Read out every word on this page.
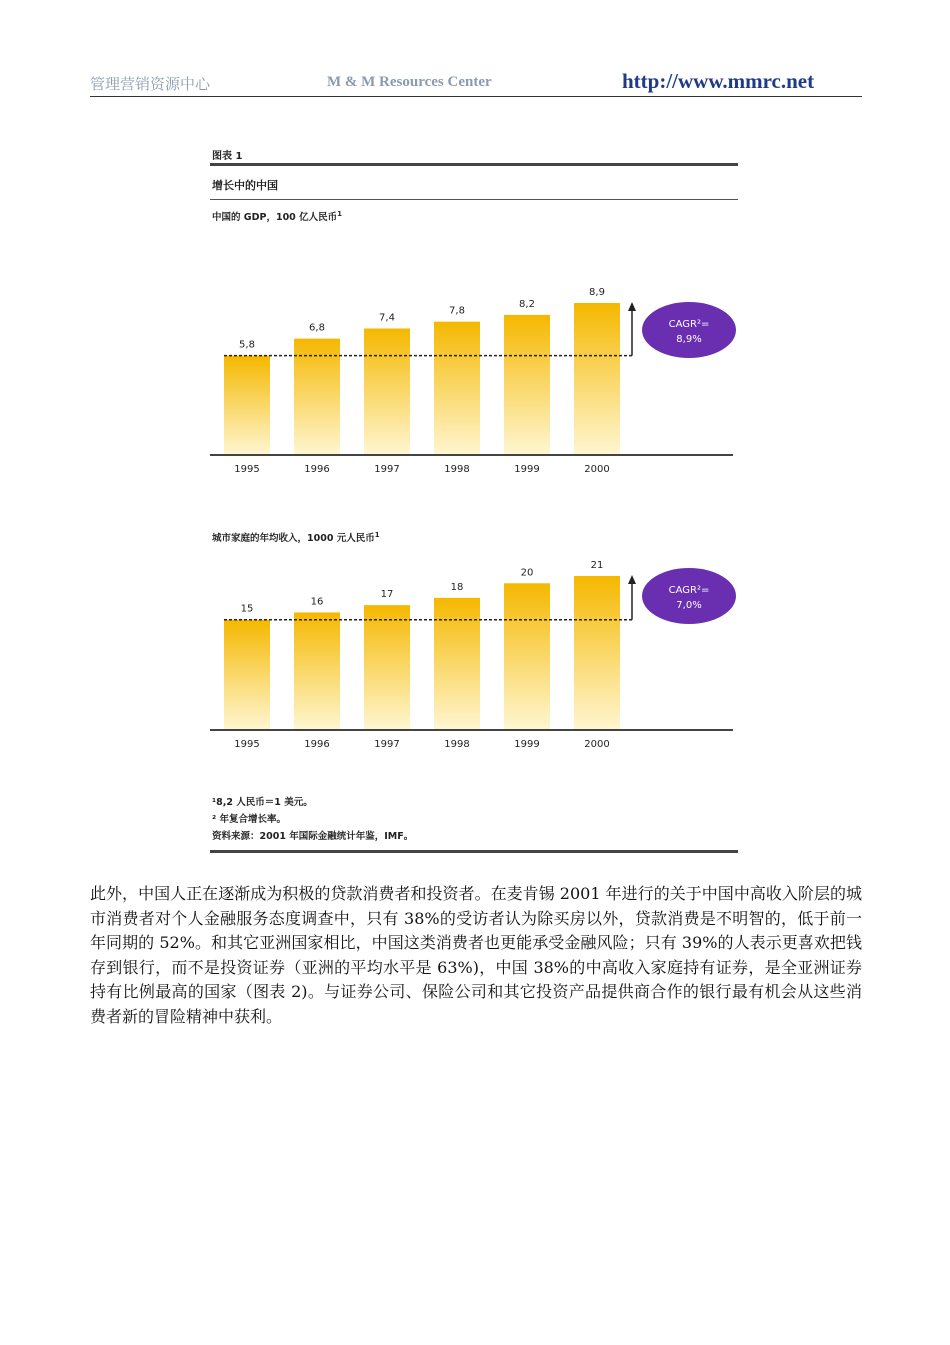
管理营销资源中心	M & M Resources Center	http://www.mmrc.net
图表 1
增长中的中国
中国的 GDP，100 亿人民币$^1$
5,8
1995
6,8
1996
7,4
1997
7,8
1998
8,2
1999
8,9
2000
CAGR²=
8,9%
城市家庭的年均收入，1000 元人民币$^1$
15
1995
16
1996
17
1997
18
1998
20
1999
21
2000
CAGR²=
7,0%
¹8,2 人民币＝1 美元。
² 年复合增长率。
资料来源：2001 年国际金融统计年鉴，IMF。
此外，中国人正在逐渐成为积极的贷款消费者和投资者。在麦肯锡 2001 年进行的关于中国中高收入阶层的城市消费者对个人金融服务态度调查中，只有 38%的受访者认为除买房以外，贷款消费是不明智的，低于前一年同期的 52%。和其它亚洲国家相比，中国这类消费者也更能承受金融风险；只有 39%的人表示更喜欢把钱存到银行，而不是投资证券（亚洲的平均水平是 63%)，中国 38%的中高收入家庭持有证券，是全亚洲证券持有比例最高的国家（图表 2)。与证券公司、保险公司和其它投资产品提供商合作的银行最有机会从这些消费者新的冒险精神中获利。
